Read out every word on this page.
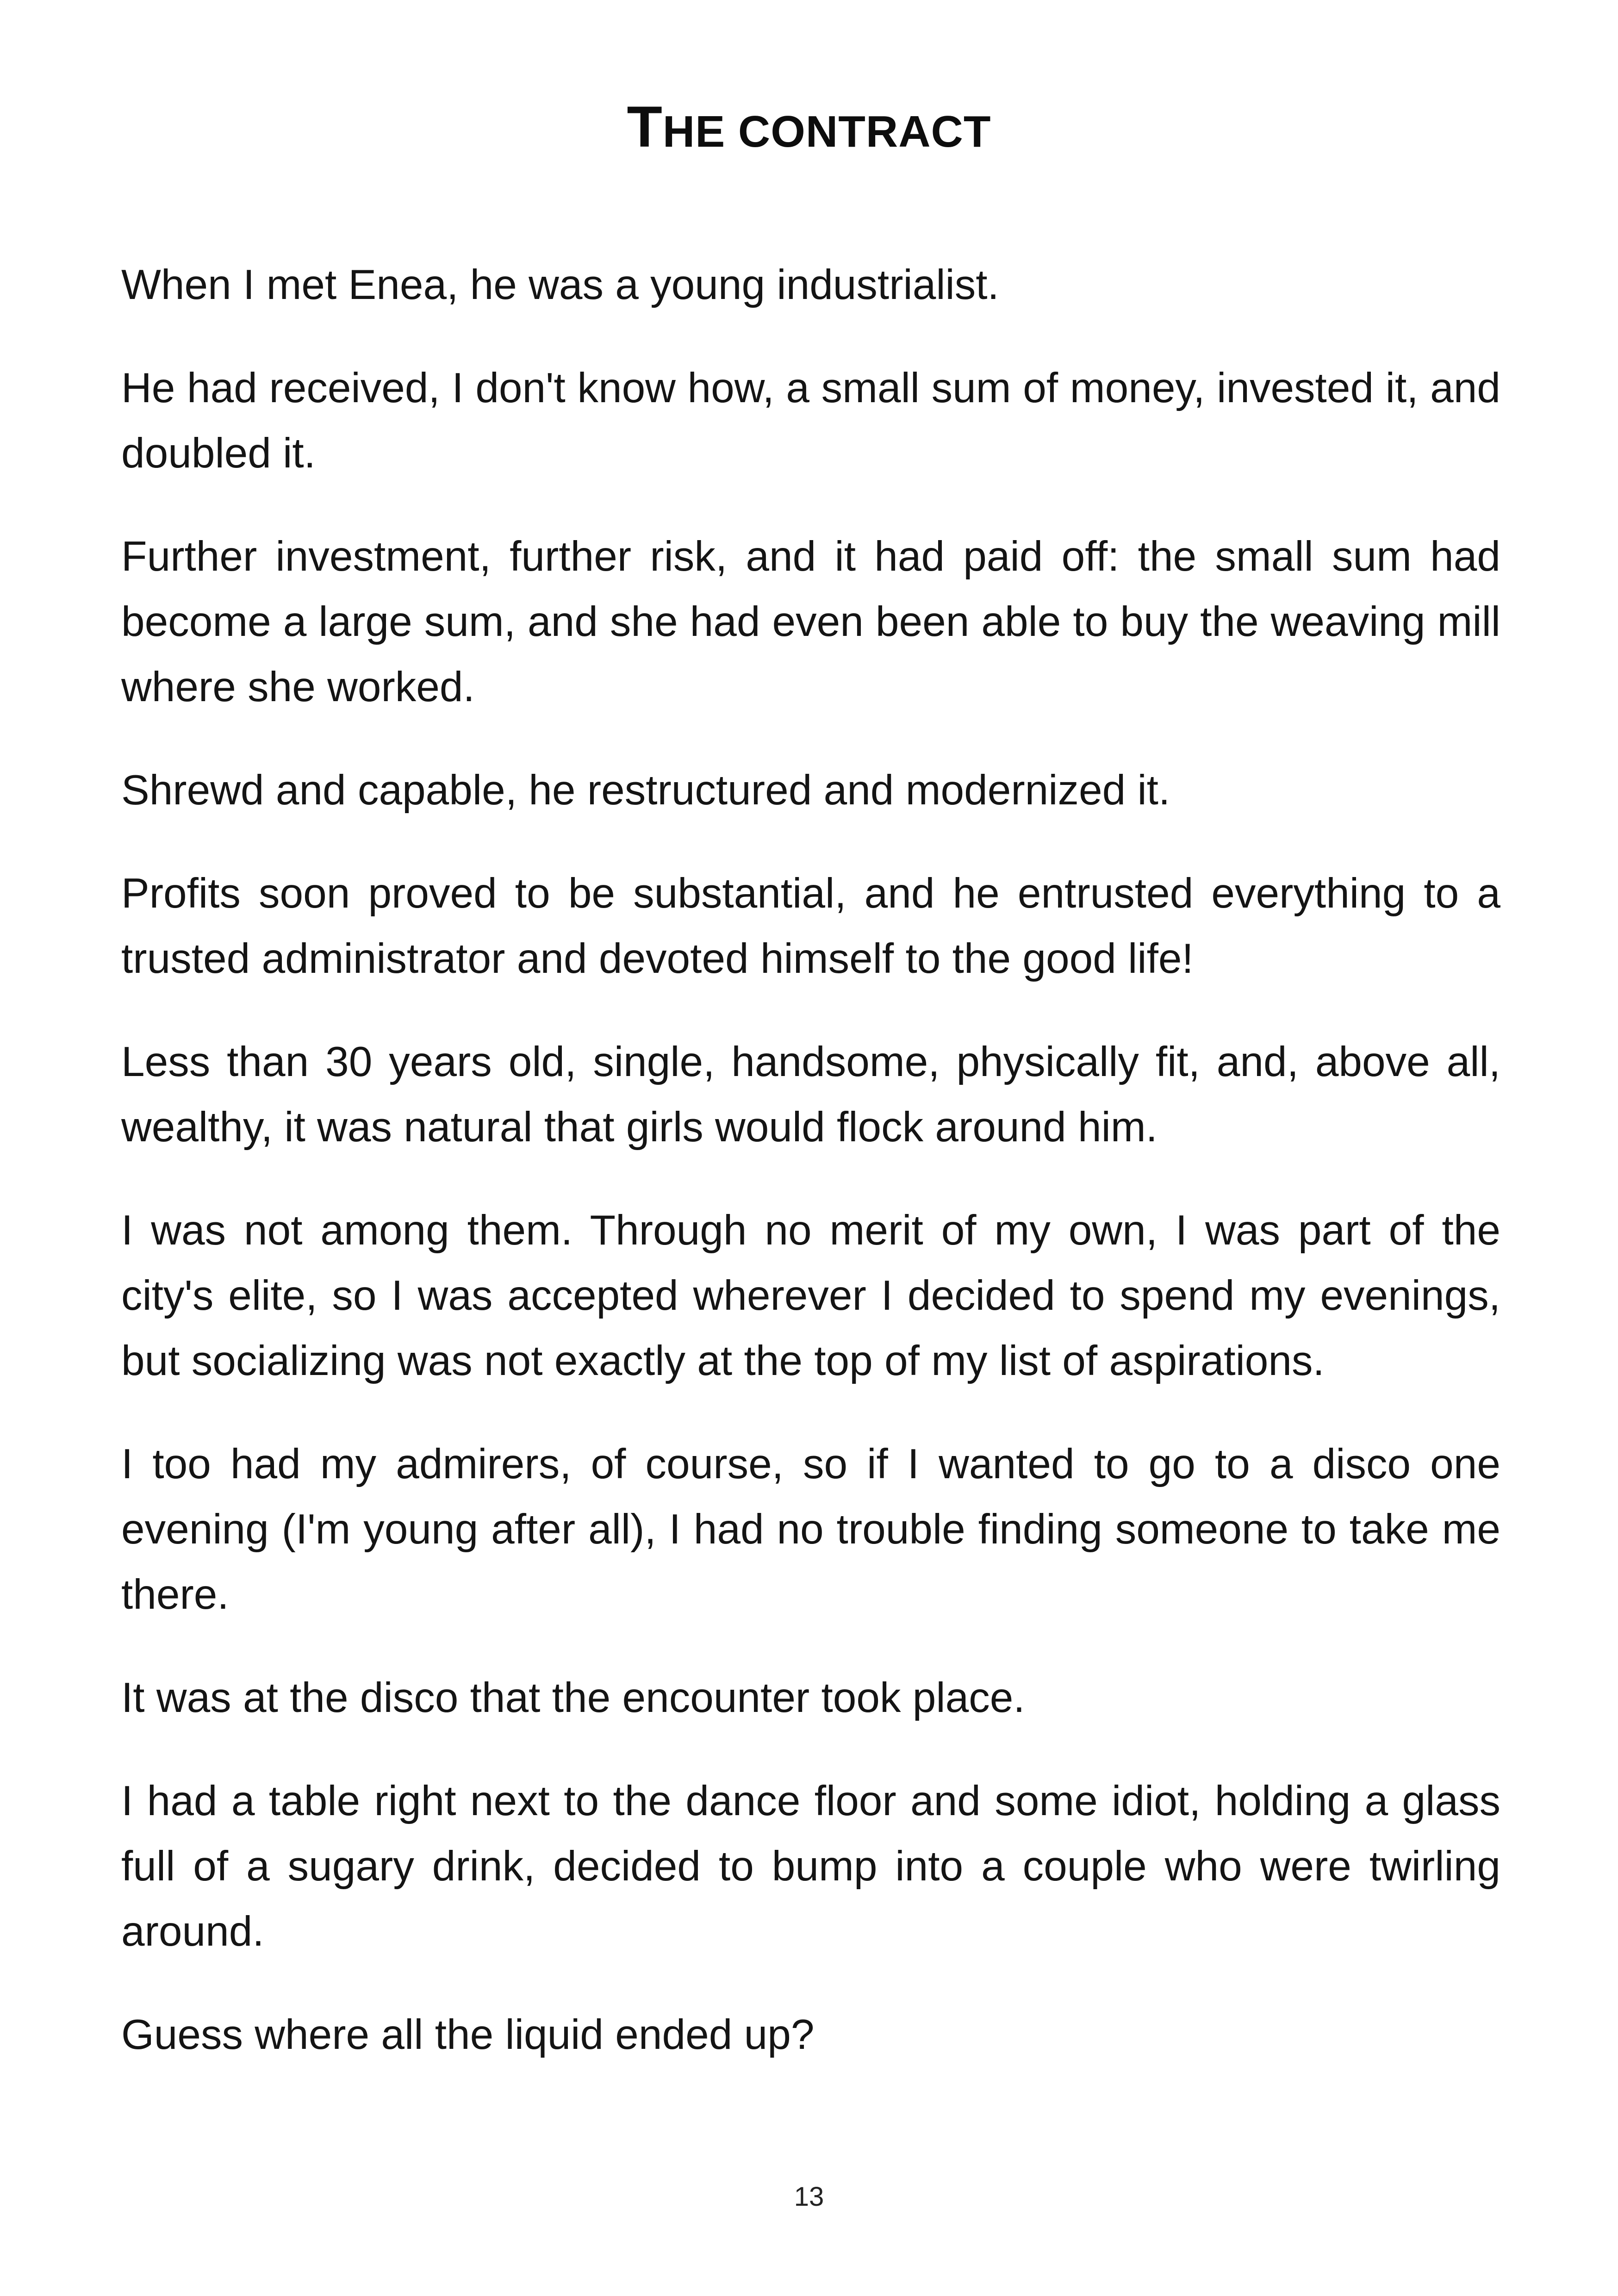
THE CONTRACT

When I met Enea, he was a young industrialist.

He had received, I don't know how, a small sum of money, invested it, and doubled it.

Further investment, further risk, and it had paid off: the small sum had become a large sum, and she had even been able to buy the weaving mill where she worked.

Shrewd and capable, he restructured and modernized it.

Profits soon proved to be substantial, and he entrusted everything to a trusted administrator and devoted himself to the good life!

Less than 30 years old, single, handsome, physically fit, and, above all, wealthy, it was natural that girls would flock around him.

I was not among them. Through no merit of my own, I was part of the city's elite, so I was accepted wherever I decided to spend my evenings, but socializing was not exactly at the top of my list of aspirations.

I too had my admirers, of course, so if I wanted to go to a disco one evening (I'm young after all), I had no trouble finding someone to take me there.

It was at the disco that the encounter took place.

I had a table right next to the dance floor and some idiot, holding a glass full of a sugary drink, decided to bump into a couple who were twirling around.

Guess where all the liquid ended up?

13
